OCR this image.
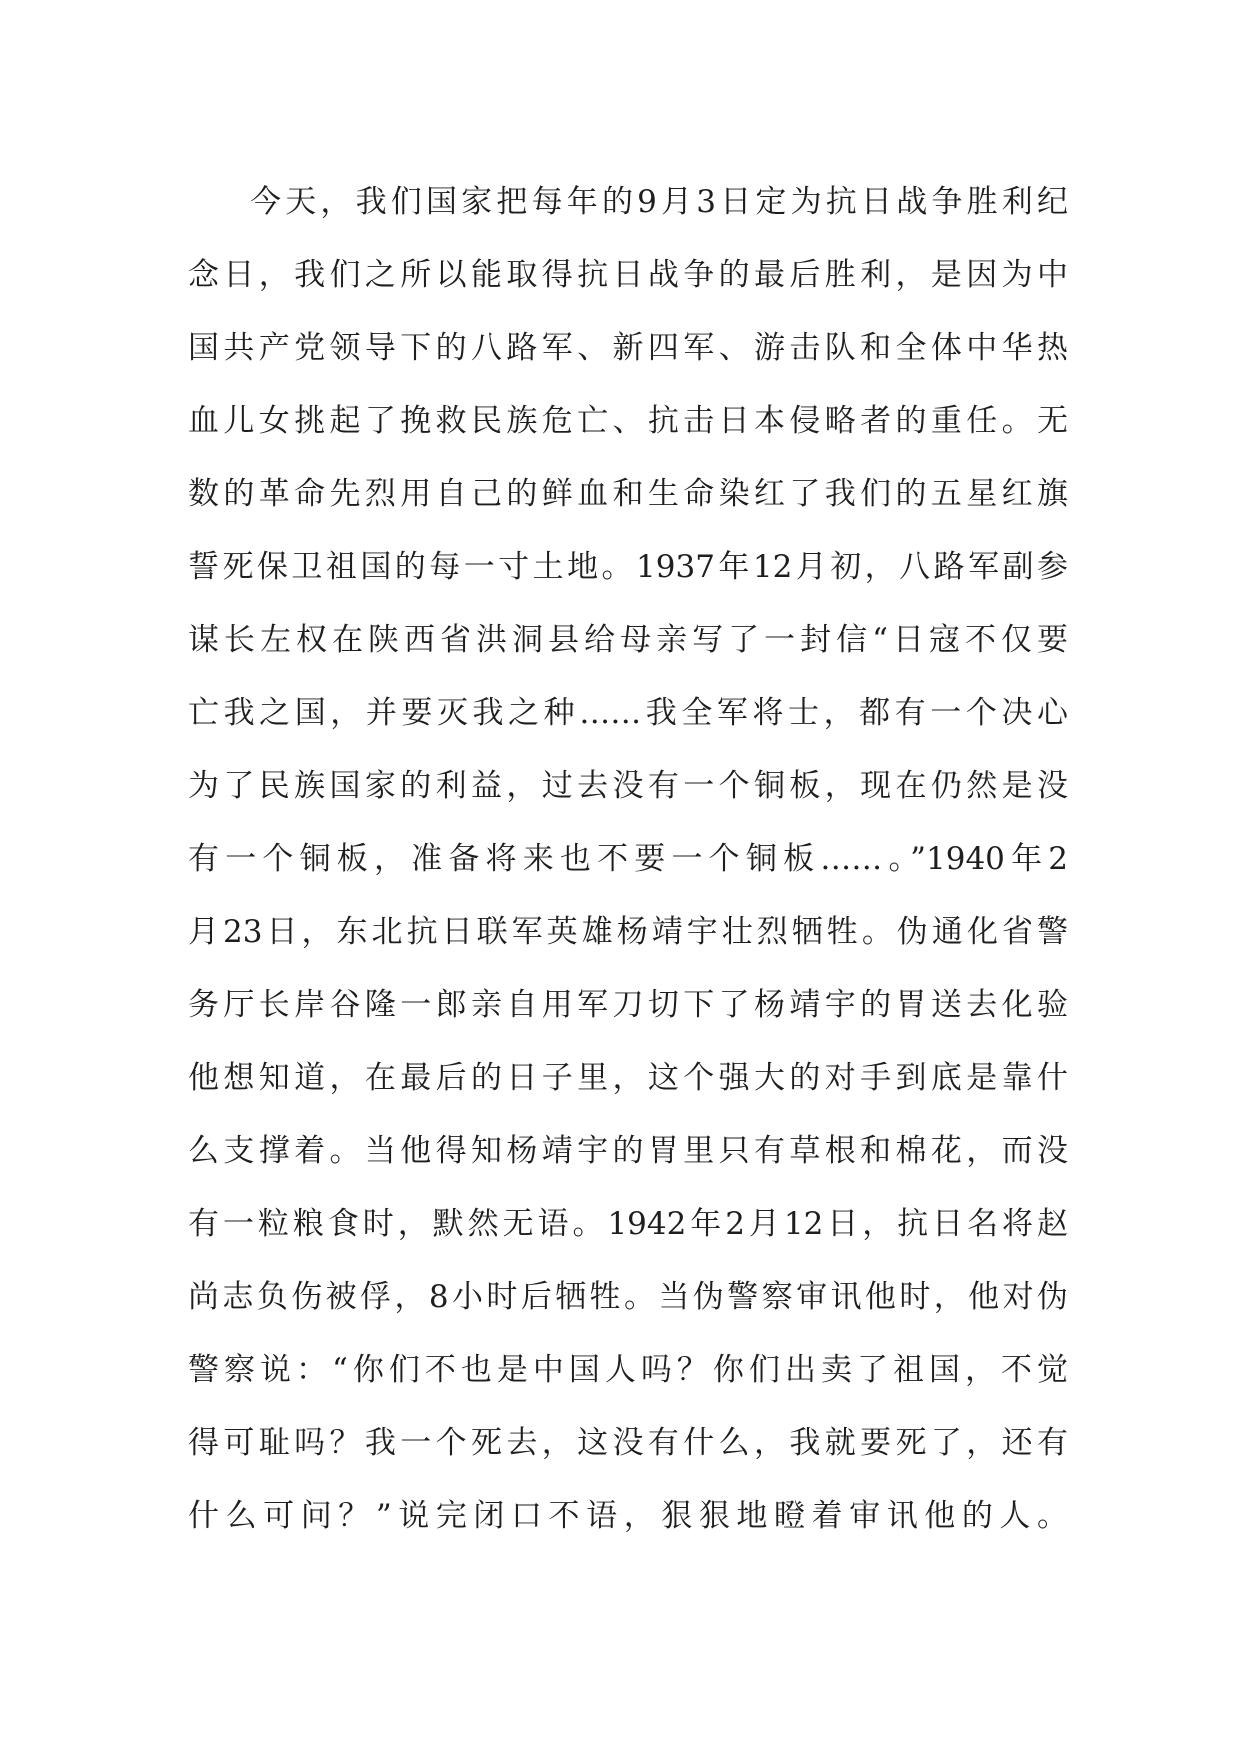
今天，我们国家把每年的9月3日定为抗日战争胜利纪
念日，我们之所以能取得抗日战争的最后胜利，是因为中
国共产党领导下的八路军、新四军、游击队和全体中华热
血儿女挑起了挽救民族危亡、抗击日本侵略者的重任。无
数的革命先烈用自己的鲜血和生命染红了我们的五星红旗
誓死保卫祖国的每一寸土地。1937年12月初，八路军副参
谋长左权在陕西省洪洞县给母亲写了一封信“日寇不仅要
亡我之国，并要灭我之种……我全军将士，都有一个决心
为了民族国家的利益，过去没有一个铜板，现在仍然是没
有一个铜板，准备将来也不要一个铜板……。”1940年2
月23日，东北抗日联军英雄杨靖宇壮烈牺牲。伪通化省警
务厅长岸谷隆一郎亲自用军刀切下了杨靖宇的胃送去化验
他想知道，在最后的日子里，这个强大的对手到底是靠什
么支撑着。当他得知杨靖宇的胃里只有草根和棉花，而没
有一粒粮食时，默然无语。1942年2月12日，抗日名将赵
尚志负伤被俘，8小时后牺牲。当伪警察审讯他时，他对伪
警察说：“你们不也是中国人吗？你们出卖了祖国，不觉
得可耻吗？我一个死去，这没有什么，我就要死了，还有
什么可问？”说完闭口不语，狠狠地瞪着审讯他的人。
